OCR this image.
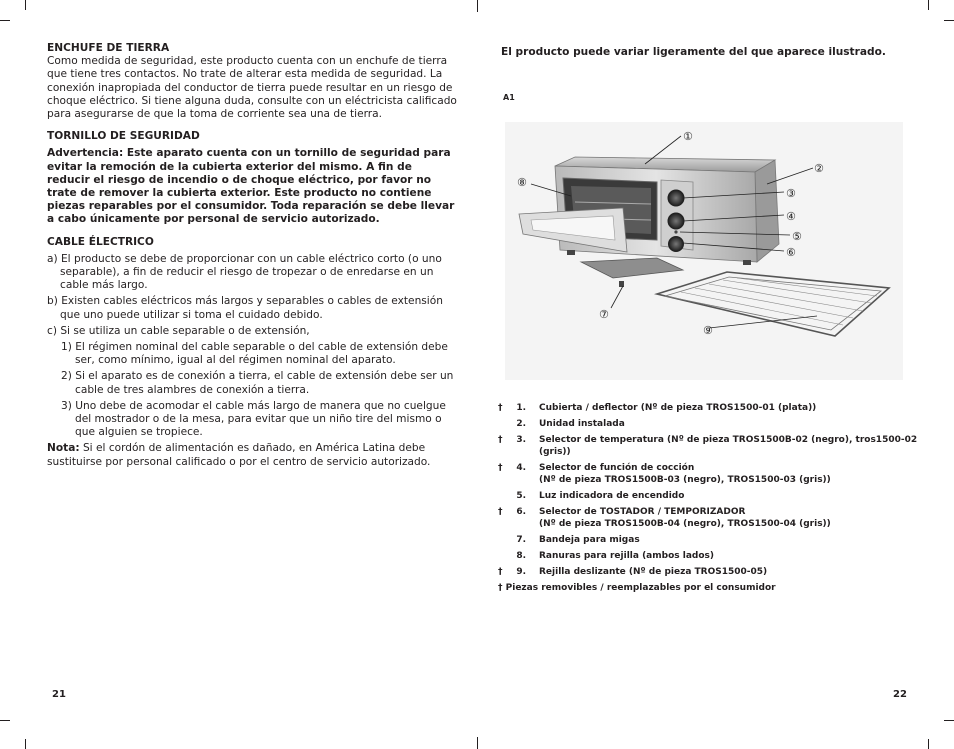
ENCHUFE DE TIERRA

Como medida de seguridad, este producto cuenta con un enchufe de tierra que tiene tres contactos. No trate de alterar esta medida de seguridad. La conexión inapropiada del conductor de tierra puede resultar en un riesgo de choque eléctrico. Si tiene alguna duda, consulte con un eléctricista calificado para asegurarse de que la toma de corriente sea una de tierra.

TORNILLO DE SEGURIDAD

Advertencia: Este aparato cuenta con un tornillo de seguridad para evitar la remoción de la cubierta exterior del mismo. A fin de reducir el riesgo de incendio o de choque eléctrico, por favor no trate de remover la cubierta exterior. Este producto no contiene piezas reparables por el consumidor. Toda reparación se debe llevar a cabo únicamente por personal de servicio autorizado.

CABLE ÉLECTRICO

a) El producto se debe de proporcionar con un cable eléctrico corto (o uno separable), a fin de reducir el riesgo de tropezar o de enredarse en un cable más largo.

b) Existen cables eléctricos más largos y separables o cables de extensión que uno puede utilizar si toma el cuidado debido.

c) Si se utiliza un cable separable o de extensión,

1) El régimen nominal del cable separable o del cable de extensión debe ser, como mínimo, igual al del régimen nominal del aparato.

2) Si el aparato es de conexión a tierra, el cable de extensión debe ser un cable de tres alambres de conexión a tierra.

3) Uno debe de acomodar el cable más largo de manera que no cuelgue del mostrador o de la mesa, para evitar que un niño tire del mismo o que alguien se tropiece.

Nota: Si el cordón de alimentación es dañado, en América Latina debe sustituirse por personal calificado o por el centro de servicio autorizado.

21
El producto puede variar ligeramente del que aparece ilustrado.
A1
①
②
③
④
⑤
⑥
⑦
⑧
⑨
†	1. Cubierta / deflector (Nº de pieza TROS1500-01 (plata))
2. Unidad instalada
†	3. Selector de temperatura (Nº de pieza TROS1500B-02 (negro), tros1500-02 (gris))
†	4. Selector de función de cocción
(Nº de pieza TROS1500B-03 (negro), TROS1500-03 (gris))
5. Luz indicadora de encendido
†	6. Selector de TOSTADOR / TEMPORIZADOR
(Nº de pieza TROS1500B-04 (negro), TROS1500-04 (gris))
7. Bandeja para migas
8. Ranuras para rejilla (ambos lados)
†	9. Rejilla deslizante (Nº de pieza TROS1500-05)
† Piezas removibles / reemplazables por el consumidor
22
